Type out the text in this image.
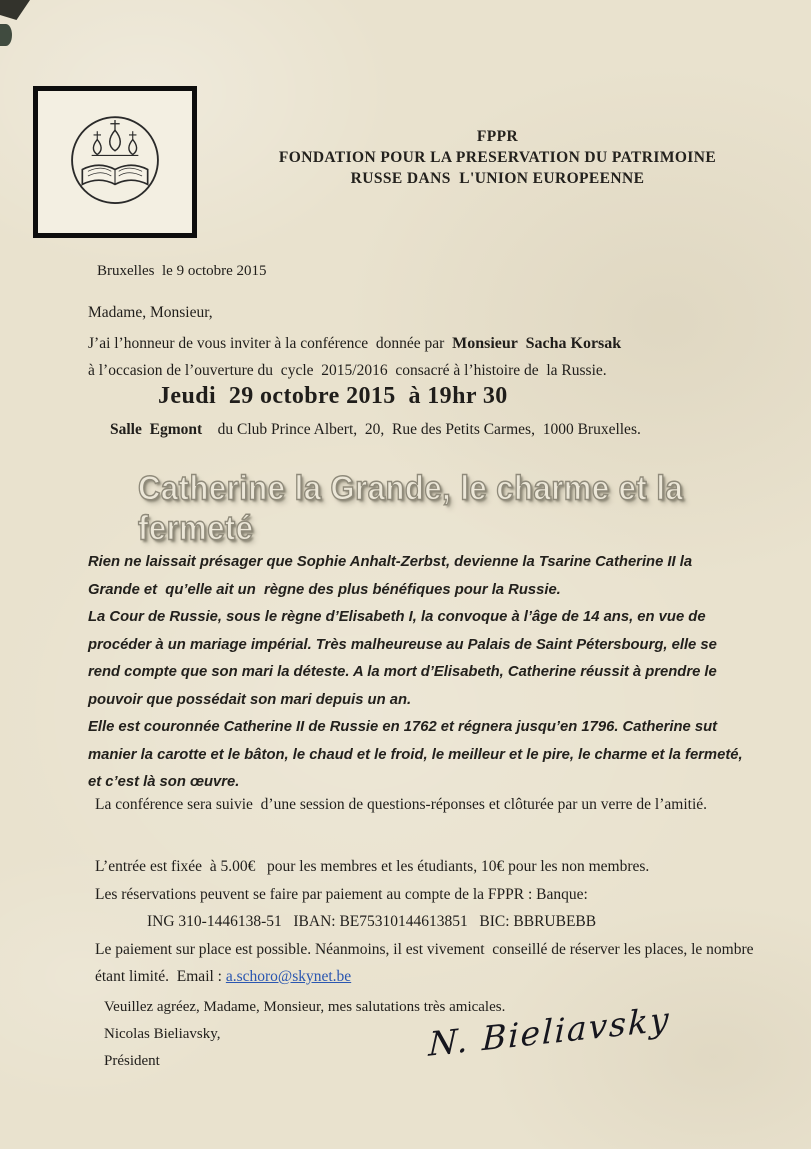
FPPR
FONDATION POUR LA PRESERVATION DU PATRIMOINE
RUSSE DANS  L'UNION EUROPEENNE
Bruxelles  le 9 octobre 2015
Madame, Monsieur,
J’ai l’honneur de vous inviter à la conférence  donnée par  Monsieur  Sacha Korsak
à l’occasion de l’ouverture du  cycle  2015/2016  consacré à l’histoire de  la Russie.
Jeudi  29 octobre 2015  à 19hr 30
Salle  Egmont    du Club Prince Albert,  20,  Rue des Petits Carmes,  1000 Bruxelles.
Catherine la Grande, le charme et la fermeté
Rien ne laissait présager que Sophie Anhalt-Zerbst, devienne la Tsarine Catherine II la Grande et  qu’elle ait un  règne des plus bénéfiques pour la Russie.
La Cour de Russie, sous le règne d’Elisabeth I, la convoque à l’âge de 14 ans, en vue de procéder à un mariage impérial. Très malheureuse au Palais de Saint Pétersbourg, elle se rend compte que son mari la déteste. A la mort d’Elisabeth, Catherine réussit à prendre le pouvoir que possédait son mari depuis un an.
Elle est couronnée Catherine II de Russie en 1762 et régnera jusqu’en 1796. Catherine sut manier la carotte et le bâton, le chaud et le froid, le meilleur et le pire, le charme et la fermeté, et c’est là son œuvre.
La conférence sera suivie  d’une session de questions-réponses et clôturée par un verre de l’amitié.
L’entrée est fixée  à 5.00€   pour les membres et les étudiants, 10€ pour les non membres.
Les réservations peuvent se faire par paiement au compte de la FPPR : Banque:
ING 310-1446138-51   IBAN: BE75310144613851   BIC: BBRUBEBB
Le paiement sur place est possible. Néanmoins, il est vivement  conseillé de réserver les places, le nombre étant limité.  Email : a.schoro@skynet.be
Veuillez agréez, Madame, Monsieur, mes salutations très amicales.
Nicolas Bieliavsky,
Président	N. Bieliavsky
